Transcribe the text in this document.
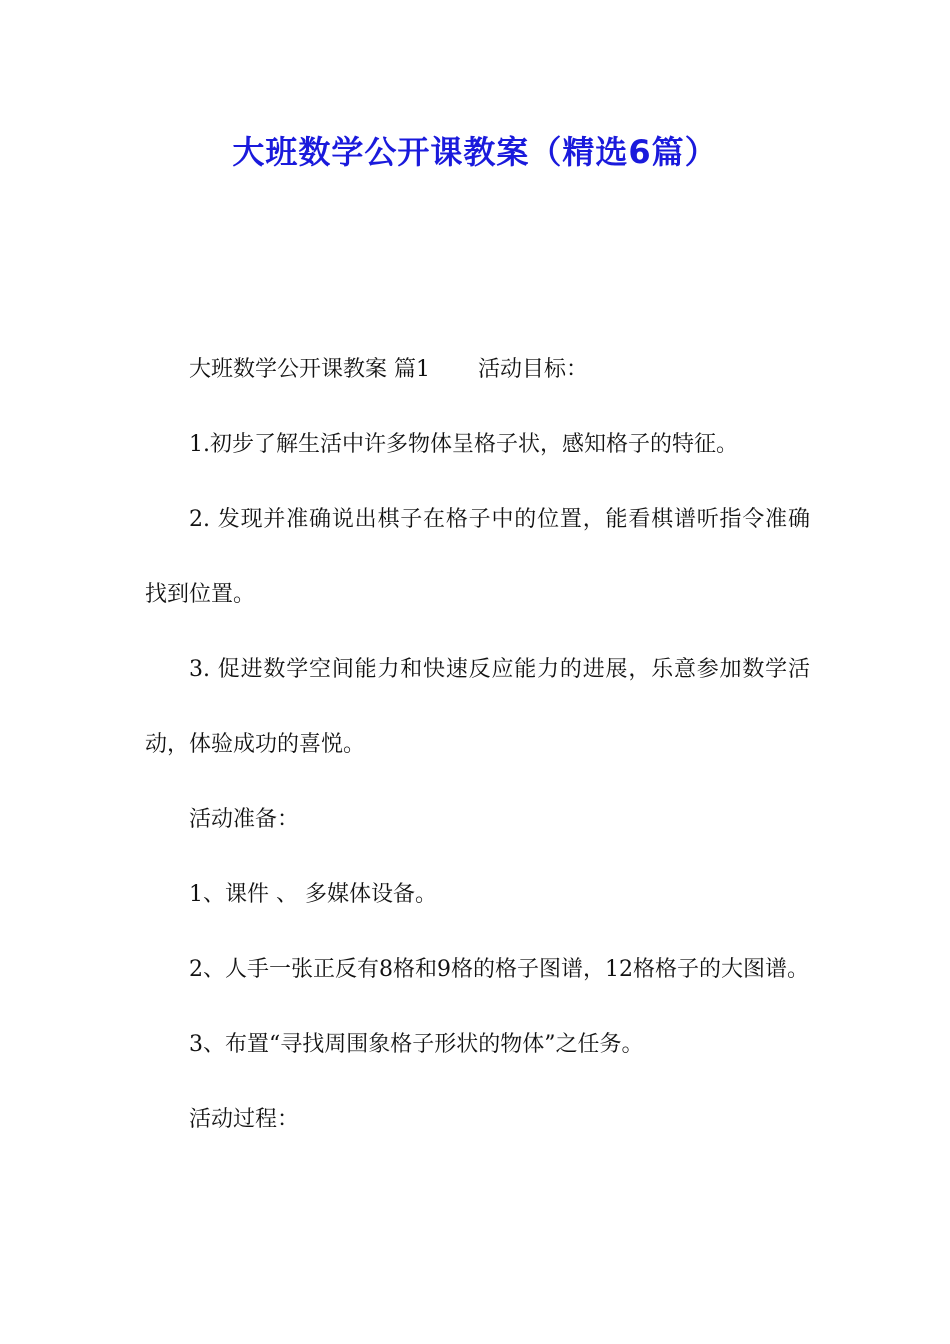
大班数学公开课教案（精选6篇）

大班数学公开课教案 篇1 活动目标：

1.初步了解生活中许多物体呈格子状，感知格子的特征。

2. 发现并准确说出棋子在格子中的位置，能看棋谱听指令准确找到位置。

3. 促进数学空间能力和快速反应能力的进展，乐意参加数学活动，体验成功的喜悦。

活动准备：

1、课件 、 多媒体设备。

2、人手一张正反有8格和9格的格子图谱，12格格子的大图谱。

3、布置“寻找周围象格子形状的物体”之任务。

活动过程：
